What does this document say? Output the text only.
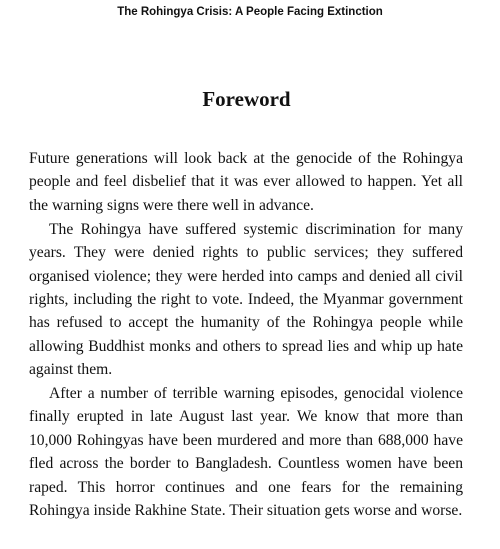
The Rohingya Crisis: A People Facing Extinction
Foreword

Future generations will look back at the genocide of the Rohingya people and feel disbelief that it was ever allowed to happen. Yet all the warning signs were there well in advance.

The Rohingya have suffered systemic discrimination for many years. They were denied rights to public services; they suffered organised violence; they were herded into camps and denied all civil rights, including the right to vote. Indeed, the Myanmar government has refused to accept the humanity of the Rohingya people while allowing Buddhist monks and others to spread lies and whip up hate against them.

After a number of terrible warning episodes, genocidal violence finally erupted in late August last year. We know that more than 10,000 Rohingyas have been murdered and more than 688,000 have fled across the border to Bangladesh. Countless women have been raped. This horror continues and one fears for the remaining Rohingya inside Rakhine State. Their situation gets worse and worse.
